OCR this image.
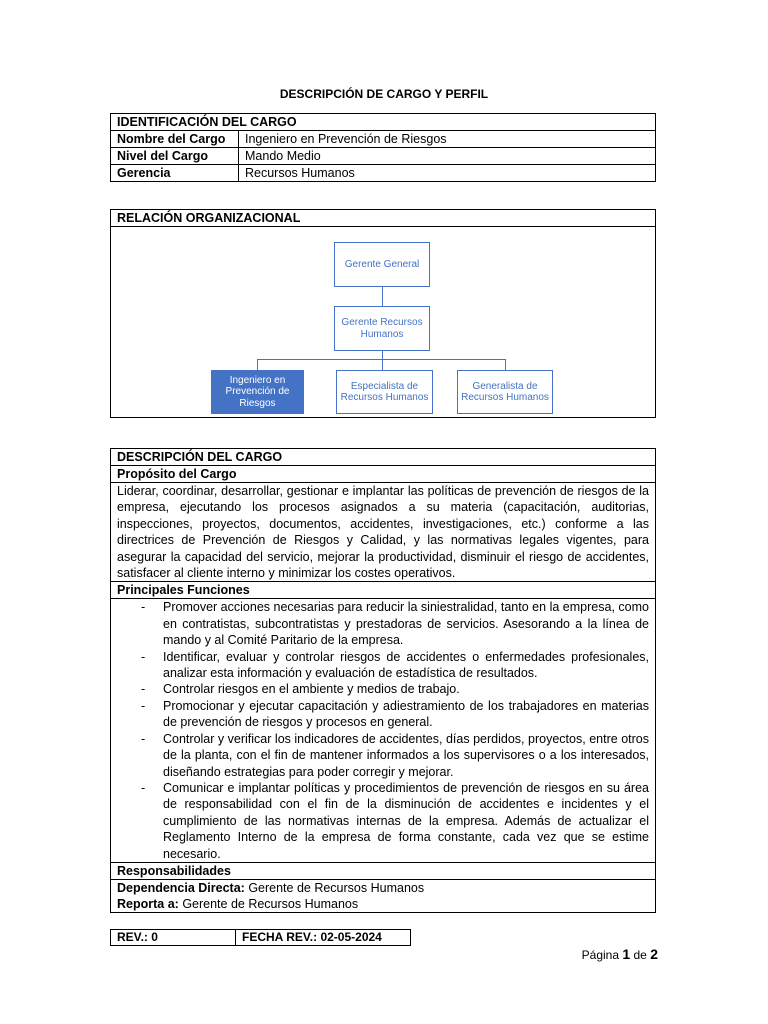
DESCRIPCIÓN DE CARGO Y PERFIL
IDENTIFICACIÓN DEL CARGO
Nombre del Cargo	Ingeniero en Prevención de Riesgos
Nivel del Cargo	Mando Medio
Gerencia	Recursos Humanos
RELACIÓN ORGANIZACIONAL
Gerente General
Gerente Recursos Humanos
Ingeniero en Prevención de Riesgos
Especialista de Recursos Humanos
Generalista de Recursos Humanos
DESCRIPCIÓN DEL CARGO
Propósito del Cargo
Liderar, coordinar, desarrollar, gestionar e implantar las políticas de prevención de riesgos de la empresa, ejecutando los procesos asignados a su materia (capacitación, auditorias, inspecciones, proyectos, documentos, accidentes, investigaciones, etc.) conforme a las directrices de Prevención de Riesgos y Calidad, y las normativas legales vigentes, para asegurar la capacidad del servicio, mejorar la productividad, disminuir el riesgo de accidentes, satisfacer al cliente interno y minimizar los costes operativos.
Principales Funciones
- Promover acciones necesarias para reducir la siniestralidad, tanto en la empresa, como en contratistas, subcontratistas y prestadoras de servicios. Asesorando a la línea de mando y al Comité Paritario de la empresa.
- Identificar, evaluar y controlar riesgos de accidentes o enfermedades profesionales, analizar esta información y evaluación de estadística de resultados.
- Controlar riesgos en el ambiente y medios de trabajo.
- Promocionar y ejecutar capacitación y adiestramiento de los trabajadores en materias de prevención de riesgos y procesos en general.
- Controlar y verificar los indicadores de accidentes, días perdidos, proyectos, entre otros de la planta, con el fin de mantener informados a los supervisores o a los interesados, diseñando estrategias para poder corregir y mejorar.
- Comunicar e implantar políticas y procedimientos de prevención de riesgos en su área de responsabilidad con el fin de la disminución de accidentes e incidentes y el cumplimiento de las normativas internas de la empresa. Además de actualizar el Reglamento Interno de la empresa de forma constante, cada vez que se estime necesario.
Responsabilidades
Dependencia Directa: Gerente de Recursos Humanos
Reporta a: Gerente de Recursos Humanos
REV.: 0	FECHA REV.: 02-05-2024
Página 1 de 2
